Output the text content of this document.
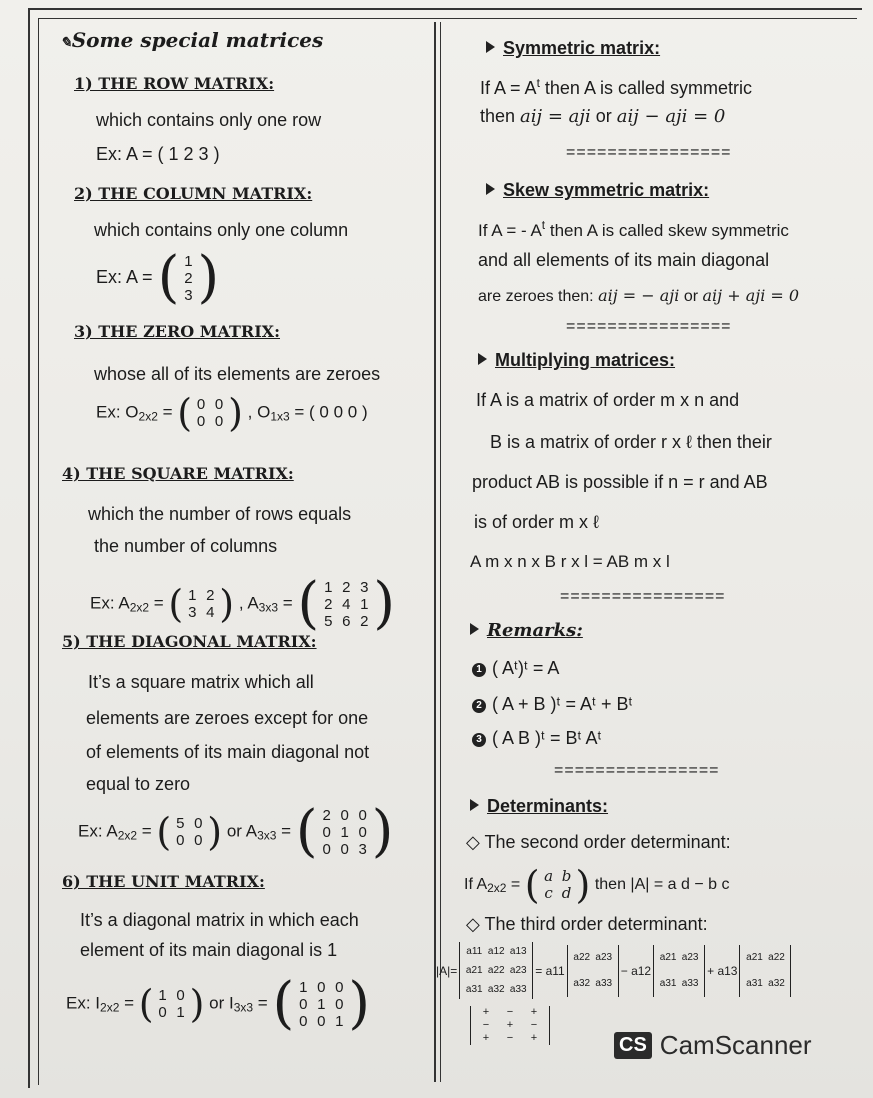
✎Some special matrices
1) THE ROW MATRIX:
which contains only one row
Ex: A = ( 1 2 3 )
2) THE COLUMN MATRIX:
which contains only one column
Ex: A = ( 1
2
3 )
3) THE ZERO MATRIX:
whose all of its elements are zeroes
Ex: $O_{2x2}$ = ( 0 0
0 0 ) , $O_{1x3}$ = ( 0 0 0 )
4) THE SQUARE MATRIX:
which the number of rows equals
the number of columns
Ex: $A_{2x2}$ = ( 1 2
3 4 ) , $A_{3x3}$ = ( 1 2 3
2 4 1
5 6 2 )
5) THE DIAGONAL MATRIX:
It’s a square matrix which all
elements are zeroes except for one
of elements of its main diagonal not
equal to zero
Ex: $A_{2x2}$ = ( 5 0
0 0 ) or $A_{3x3}$ = ( 2 0 0
0 1 0
0 0 3 )
6) THE UNIT MATRIX:
It’s a diagonal matrix in which each
element of its main diagonal is 1
Ex: $I_{2x2}$ = ( 1 0
0 1 ) or $I_{3x3}$ = ( 1 0 0
0 1 0
0 0 1 )
Symmetric matrix:
If $A = A^t$ then A is called symmetric
then aij = aji or aij − aji = 0
================
Skew symmetric matrix:
If A = - $A^t$ then A is called skew symmetric
and all elements of its main diagonal
are zeroes then: aij = − aji or aij + aji = 0
================
Multiplying matrices:
If A is a matrix of order m x n and
B is a matrix of order r x ℓ then their
product AB is possible if n = r and AB
is of order m x ℓ
A m x n x B r x l = AB m x l
================
Remarks:
1 ( Aᵗ)ᵗ = A
2 ( A + B )ᵗ = Aᵗ + Bᵗ
3 ( A B )ᵗ = Bᵗ Aᵗ
================
Determinants:
◇ The second order determinant:
If $A_{2x2}$ = ( a b
c d ) then |A| = a d − b c
◇ The third order determinant:
|A|=
a11 a12 a13
a21 a22 a23
a31 a32 a33
= a11
a22 a23
a32 a33
− a12
a21 a23
a31 a33
+ a13
a21 a22
a31 a32
+	−	+
−	+	−
+	−	+	CS CamScanner
